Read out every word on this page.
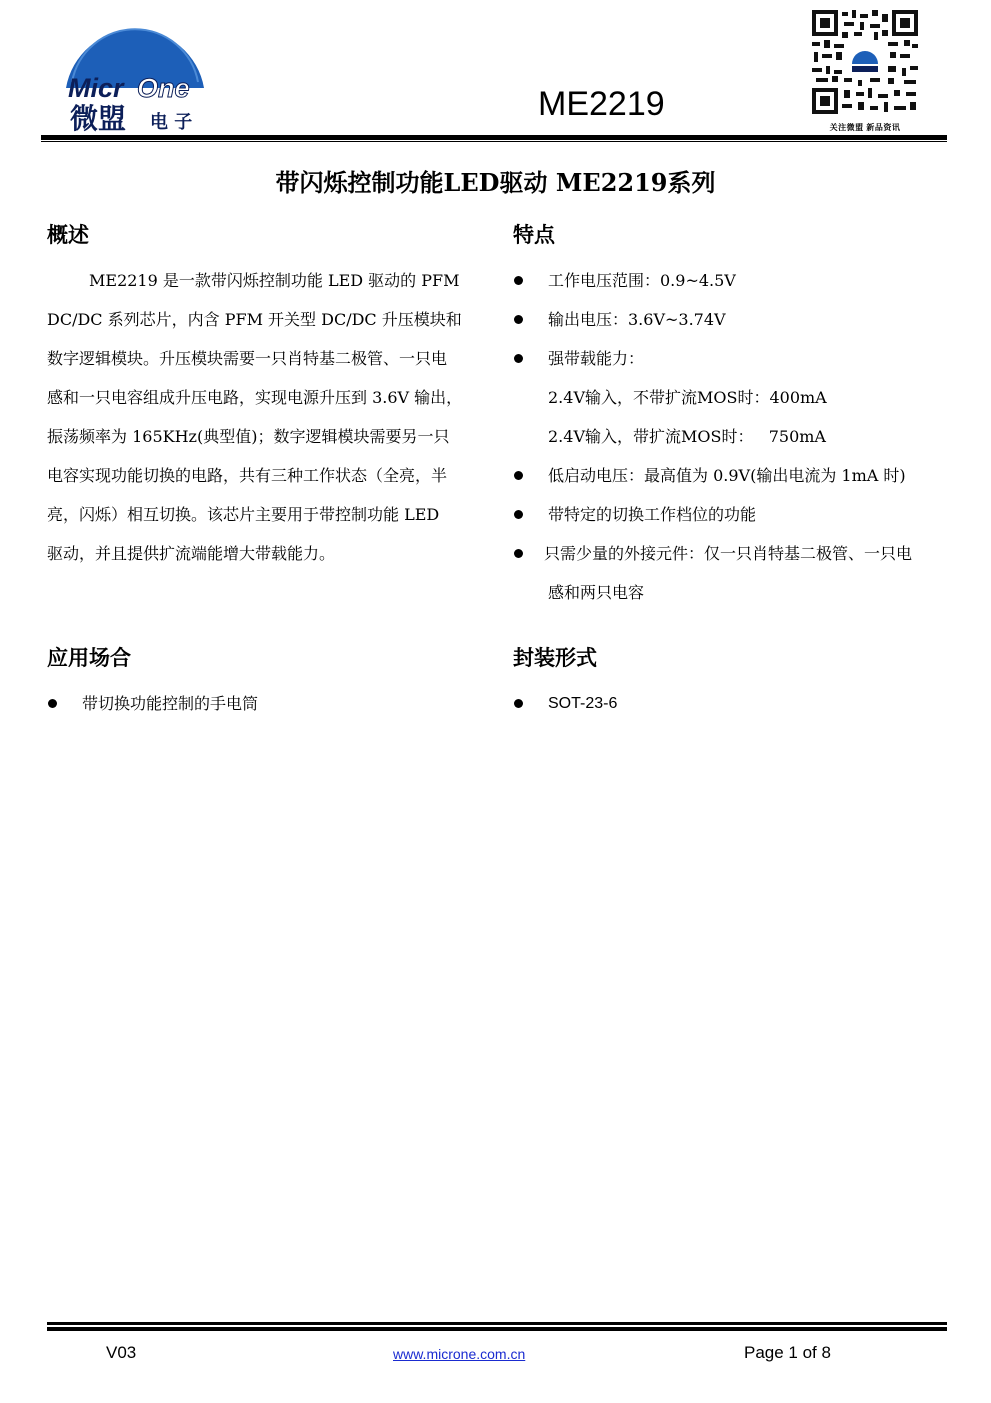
Micr One
微盟 电 子	ME2219
关注微盟 新品资讯
带闪烁控制功能LED驱动 ME2219系列
概述
ME2219 是一款带闪烁控制功能 LED 驱动的 PFM
DC/DC 系列芯片，内含 PFM 开关型 DC/DC 升压模块和
数字逻辑模块。升压模块需要一只肖特基二极管、一只电
感和一只电容组成升压电路，实现电源升压到 3.6V 输出，
振荡频率为 165KHz(典型值)；数字逻辑模块需要另一只
电容实现功能切换的电路，共有三种工作状态（全亮，半
亮，闪烁）相互切换。该芯片主要用于带控制功能 LED
驱动，并且提供扩流端能增大带载能力。
应用场合
带切换功能控制的手电筒
特点
工作电压范围：0.9~4.5V
输出电压：3.6V~3.74V
强带载能力：
2.4V输入，不带扩流MOS时：400mA
2.4V输入，带扩流MOS时：   750mA
低启动电压：最高值为 0.9V(输出电流为 1mA 时)
带特定的切换工作档位的功能
只需少量的外接元件：仅一只肖特基二极管、一只电
感和两只电容
封装形式
SOT-23-6
V03	www.microne.com.cn	Page 1 of 8
